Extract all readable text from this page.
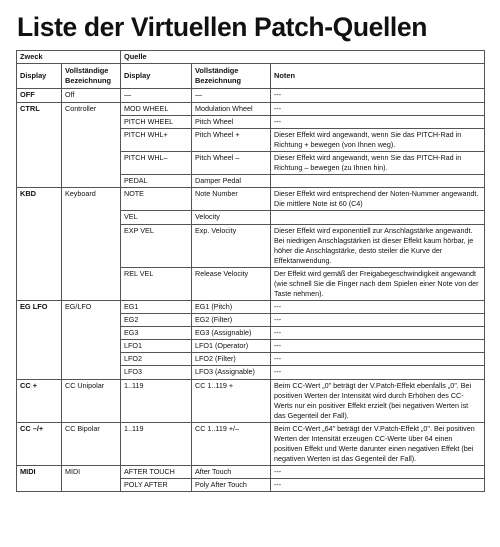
Liste der Virtuellen Patch-Quellen
Zweck		Quelle		
Display	Vollständige Bezeichnung	Display	Vollständige Bezeichnung	Noten
OFF	Off	—	—	---
CTRL	Controller	MOD WHEEL	Modulation Wheel	---
		PITCH WHEEL	Pitch Wheel	---
		PITCH WHL+	Pitch Wheel +	Dieser Effekt wird angewandt, wenn Sie das PITCH-Rad in Richtung + bewegen (von Ihnen weg).
		PITCH WHL–	Pitch Wheel –	Dieser Effekt wird angewandt, wenn Sie das PITCH-Rad in Richtung – bewegen (zu Ihnen hin).
		PEDAL	Damper Pedal	
KBD	Keyboard	NOTE	Note Number	Dieser Effekt wird entsprechend der Noten-Nummer angewandt. Die mittlere Note ist 60 (C4)
		VEL	Velocity	
		EXP VEL	Exp. Velocity	Dieser Effekt wird exponentiell zur Anschlagstärke angewandt. Bei niedrigen Anschlagstärken ist dieser Effekt kaum hörbar, je höher die Anschlagstärke, desto steiler die Kurve der Effektanwendung.
		REL VEL	Release Velocity	Der Effekt wird gemäß der Freigabegeschwindigkeit angewandt (wie schnell Sie die Finger nach dem Spielen einer Note von der Taste nehmen).
EG LFO	EG/LFO	EG1	EG1 (Pitch)	---
		EG2	EG2 (Filter)	---
		EG3	EG3 (Assignable)	---
		LFO1	LFO1 (Operator)	---
		LFO2	LFO2 (Filter)	---
		LFO3	LFO3 (Assignable)	---
CC +	CC Unipolar	1..119	CC 1..119 +	Beim CC-Wert „0" beträgt der V.Patch-Effekt ebenfalls „0". Bei positiven Werten der Intensität wird durch Erhöhen des CC-Werts nur ein positiver Effekt erzielt (bei negativen Werten ist das Gegenteil der Fall).
CC –/+	CC Bipolar	1..119	CC 1..119 +/–	Beim CC-Wert „64" beträgt der V.Patch-Effekt „0". Bei positiven Werten der Intensität erzeugen CC-Werte über 64 einen positiven Effekt und Werte darunter einen negativen Effekt (bei negativen Werten ist das Gegenteil der Fall).
MIDI	MIDI	AFTER TOUCH	After Touch	---
		POLY AFTER	Poly After Touch	---
